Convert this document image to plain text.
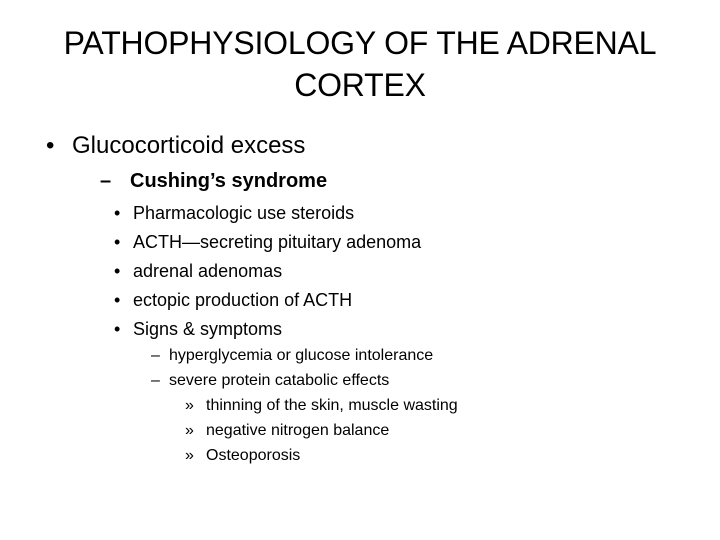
PATHOPHYSIOLOGY OF THE ADRENAL
CORTEX
• Glucocorticoid excess
– Cushing’s syndrome
• Pharmacologic use steroids
• ACTH—secreting pituitary adenoma
• adrenal adenomas
• ectopic production of ACTH
• Signs & symptoms
– hyperglycemia or glucose intolerance
– severe protein catabolic effects
» thinning of the skin, muscle wasting
» negative nitrogen balance
» Osteoporosis
